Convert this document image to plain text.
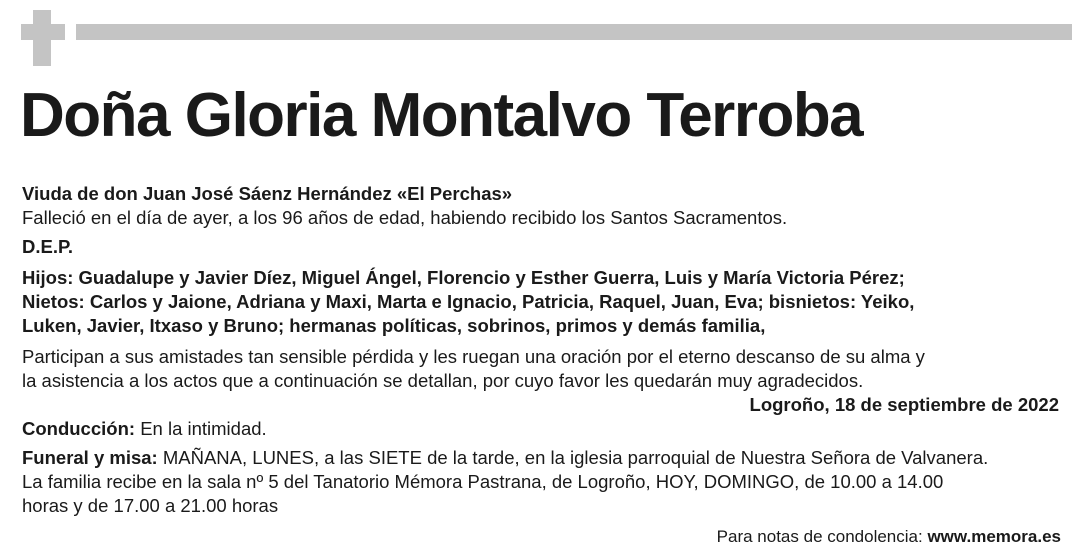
Doña Gloria Montalvo Terroba

Viuda de don Juan José Sáenz Hernández «El Perchas»

Falleció en el día de ayer, a los 96 años de edad, habiendo recibido los Santos Sacramentos.

D.E.P.

Hijos: Guadalupe y Javier Díez, Miguel Ángel, Florencio y Esther Guerra, Luis y María Victoria Pérez;

Nietos: Carlos y Jaione, Adriana y Maxi, Marta e Ignacio, Patricia, Raquel, Juan, Eva; bisnietos: Yeiko,

Luken, Javier, Itxaso y Bruno; hermanas políticas, sobrinos, primos y demás familia,

Participan a sus amistades tan sensible pérdida y les ruegan una oración por el eterno descanso de su alma y

la asistencia a los actos que a continuación se detallan, por cuyo favor les quedarán muy agradecidos.

Logroño, 18 de septiembre de 2022

Conducción: En la intimidad.

Funeral y misa: MAÑANA, LUNES, a las SIETE de la tarde, en la iglesia parroquial de Nuestra Señora de Valvanera.

La familia recibe en la sala nº 5 del Tanatorio Mémora Pastrana, de Logroño, HOY, DOMINGO, de 10.00 a 14.00

horas y de 17.00 a 21.00 horas

Para notas de condolencia: www.memora.es
